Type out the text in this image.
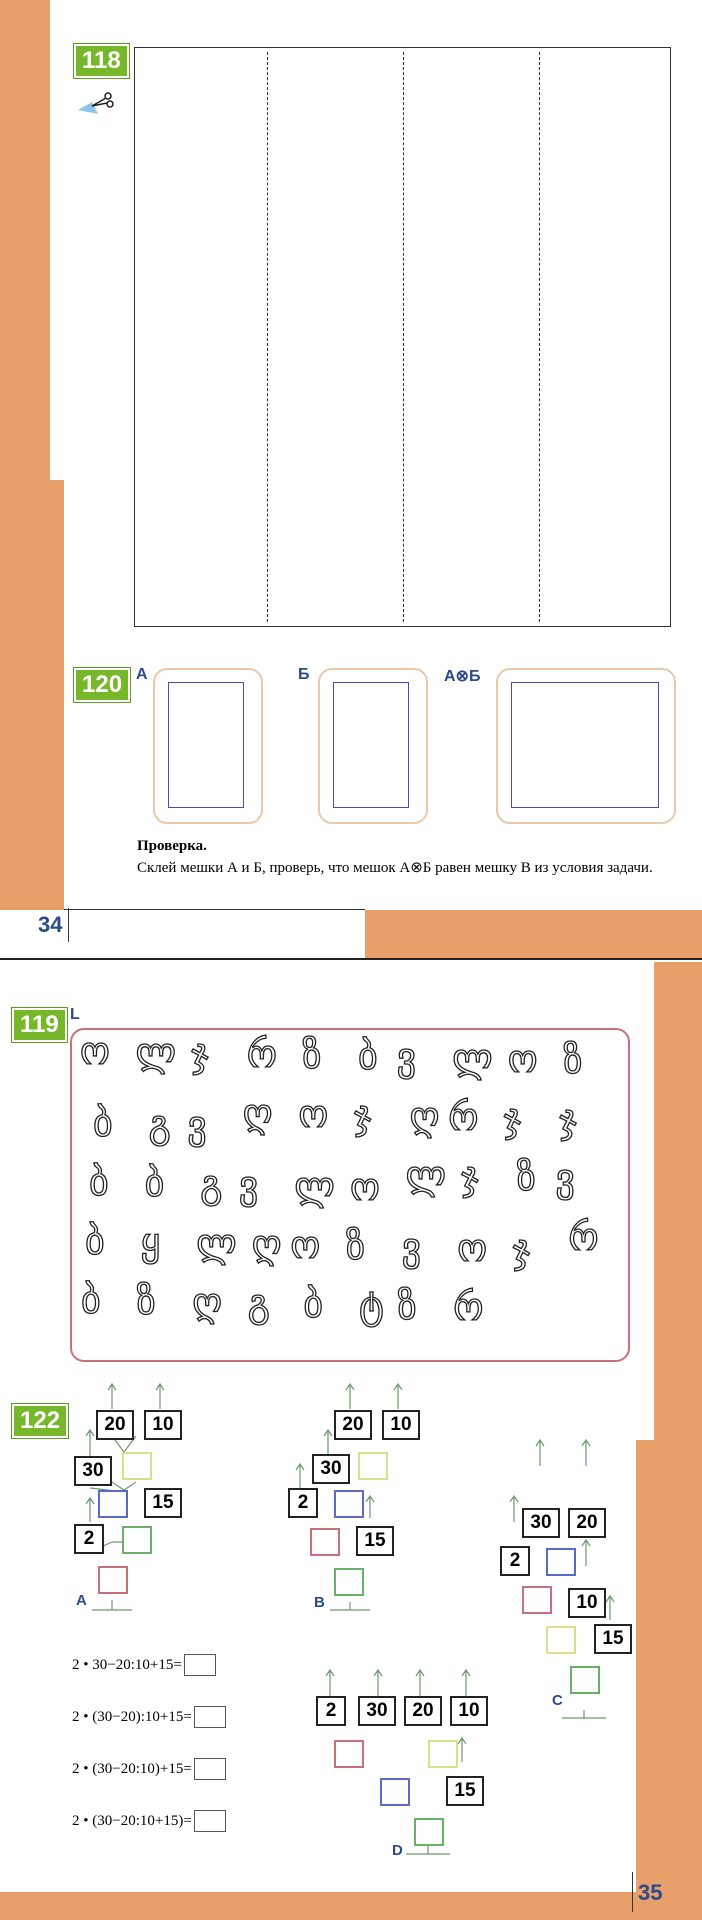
118
120 А	Б	А⊗Б
Проверка.
Склей мешки А и Б, проверь, что мешок А⊗Б равен мешку В из условия задачи.
34
119 L
ო ლ ჯ რ ზ ბ ვ ლ ო ზ
ბ გ ვ ღ ო ჯ ღ რ ჯ ჯ
ბ ბ გ ვ ლ ო ლ ჯ ზ ვ
ბ ყ ლ ღ ო ზ ვ ო ჯ რ
ბ ზ ღ გ ბ ტ ზ რ
122	20	10
30
15
2
A
20	10
30
2
15
B
30	20
2
10
15
C
2	30	20	10
15
D
2 • 30−20:10+15=
2 • (30−20):10+15=
2 • (30−20:10)+15=
2 • (30−20:10+15)=
35
